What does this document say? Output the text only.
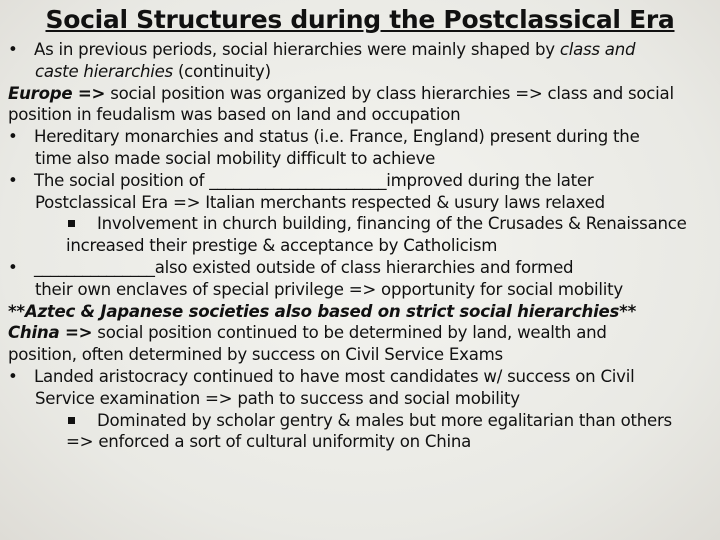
Social Structures during the Postclassical Era
• As in previous periods, social hierarchies were mainly shaped by class and
caste hierarchies (continuity)
Europe => social position was organized by class hierarchies => class and social
position in feudalism was based on land and occupation
• Hereditary monarchies and status (i.e. France, England) present during the
time also made social mobility difficult to achieve
• The social position of ______________________improved during the later
Postclassical Era => Italian merchants respected & usury laws relaxed
Involvement in church building, financing of the Crusades & Renaissance
increased their prestige & acceptance by Catholicism
• _______________also existed outside of class hierarchies and formed
their own enclaves of special privilege => opportunity for social mobility
**Aztec & Japanese societies also based on strict social hierarchies**
China => social position continued to be determined by land, wealth and
position, often determined by success on Civil Service Exams
• Landed aristocracy continued to have most candidates w/ success on Civil
Service examination => path to success and social mobility
Dominated by scholar gentry & males but more egalitarian than others
=> enforced a sort of cultural uniformity on China
